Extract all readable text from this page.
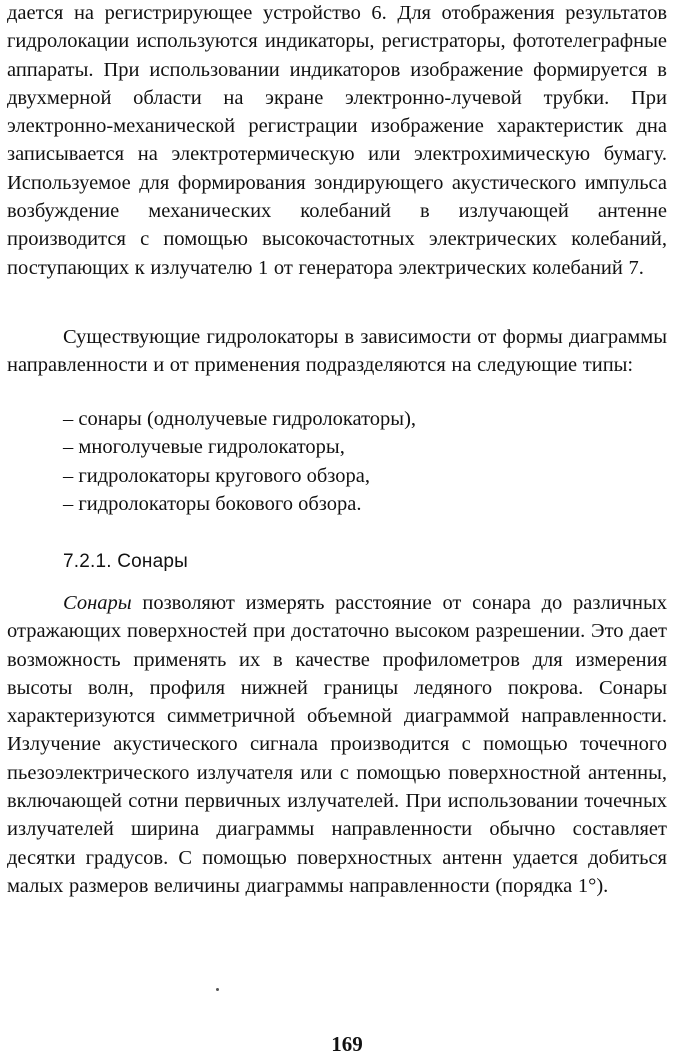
дается на регистрирующее устройство 6. Для отображения результатов гидролокации используются индикаторы, регистраторы, фототелеграфные аппараты. При использовании индикаторов изображение формируется в двухмерной области на экране электронно-лучевой трубки. При электронно-механической регистрации изображение характеристик дна записывается на электротермическую или электрохимическую бумагу. Используемое для формирования зондирующего акустического импульса возбуждение механических колебаний в излучающей антенне производится с помощью высокочастотных электрических колебаний, поступающих к излучателю 1 от генератора электрических колебаний 7.

Существующие гидролокаторы в зависимости от формы диаграммы направленности и от применения подразделяются на следующие типы:

– сонары (однолучевые гидролокаторы),
– многолучевые гидролокаторы,
– гидролокаторы кругового обзора,
– гидролокаторы бокового обзора.
7.2.1. Сонары

Сонары позволяют измерять расстояние от сонара до различных отражающих поверхностей при достаточно высоком разрешении. Это дает возможность применять их в качестве профилометров для измерения высоты волн, профиля нижней границы ледяного покрова. Сонары характеризуются симметричной объемной диаграммой направленности. Излучение акустического сигнала производится с помощью точечного пьезоэлектрического излучателя или с помощью поверхностной антенны, включающей сотни первичных излучателей. При использовании точечных излучателей ширина диаграммы направленности обычно составляет десятки градусов. С помощью поверхностных антенн удается добиться малых размеров величины диаграммы направленности (порядка 1°).

169
